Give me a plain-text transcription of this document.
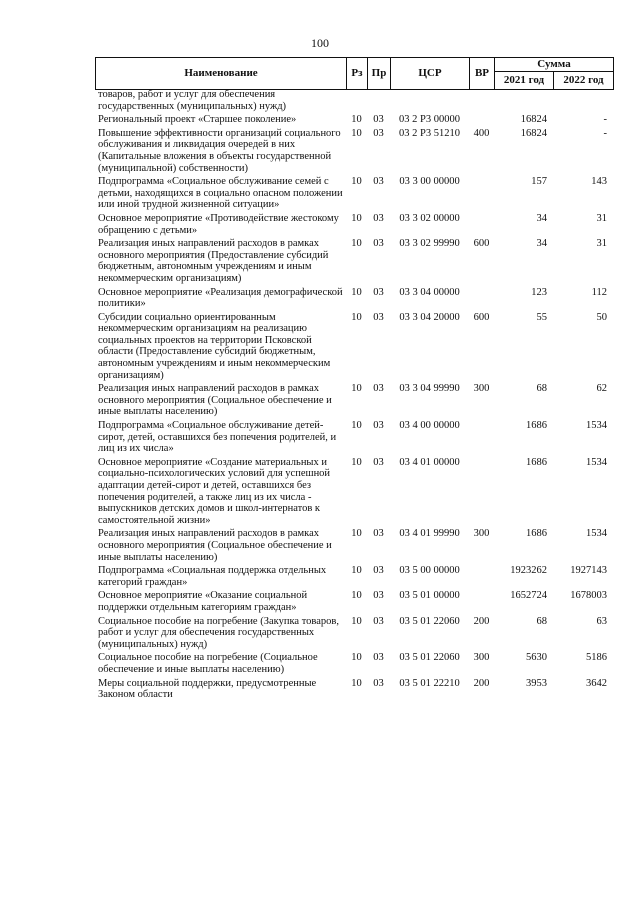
100
Наименование	Рз	Пр	ЦСР	ВР	Сумма	
					2021 год	2022 год
товаров, работ и услуг для обеспечения государственных (муниципальных) нужд)						
Региональный проект «Старшее поколение»	10	03	03 2 P3 00000		16824	-
Повышение эффективности организаций социального обслуживания и ликвидация очередей в них (Капитальные вложения в объекты государственной (муниципальной) собственности)	10	03	03 2 P3 51210	400	16824	-
Подпрограмма «Социальное обслуживание семей с детьми, находящихся в социально опасном положении или иной трудной жизненной ситуации»	10	03	03 3 00 00000		157	143
Основное мероприятие «Противодействие жестокому обращению с детьми»	10	03	03 3 02 00000		34	31
Реализация иных направлений расходов в рамках основного мероприятия (Предоставление субсидий бюджетным, автономным учреждениям и иным некоммерческим организациям)	10	03	03 3 02 99990	600	34	31
Основное мероприятие «Реализация демографической политики»	10	03	03 3 04 00000		123	112
Субсидии социально ориентированным некоммерческим организациям на реализацию социальных проектов на территории Псковской области (Предоставление субсидий бюджетным, автономным учреждениям и иным некоммерческим организациям)	10	03	03 3 04 20000	600	55	50
Реализация иных направлений расходов в рамках основного мероприятия (Социальное обеспечение и иные выплаты населению)	10	03	03 3 04 99990	300	68	62
Подпрограмма «Социальное обслуживание детей-сирот, детей, оставшихся без попечения родителей, и лиц из их числа»	10	03	03 4 00 00000		1686	1534
Основное мероприятие «Создание материальных и социально-психологических условий для успешной адаптации детей-сирот и детей, оставшихся без попечения родителей, а также лиц из их числа - выпускников детских домов и школ-интернатов к самостоятельной жизни»	10	03	03 4 01 00000		1686	1534
Реализация иных направлений расходов в рамках основного мероприятия (Социальное обеспечение и иные выплаты населению)	10	03	03 4 01 99990	300	1686	1534
Подпрограмма «Социальная поддержка отдельных категорий граждан»	10	03	03 5 00 00000		1923262	1927143
Основное мероприятие «Оказание социальной поддержки отдельным категориям граждан»	10	03	03 5 01 00000		1652724	1678003
Социальное пособие на погребение (Закупка товаров, работ и услуг для обеспечения государственных (муниципальных) нужд)	10	03	03 5 01 22060	200	68	63
Социальное пособие на погребение (Социальное обеспечение и иные выплаты населению)	10	03	03 5 01 22060	300	5630	5186
Меры социальной поддержки, предусмотренные Законом области	10	03	03 5 01 22210	200	3953	3642
